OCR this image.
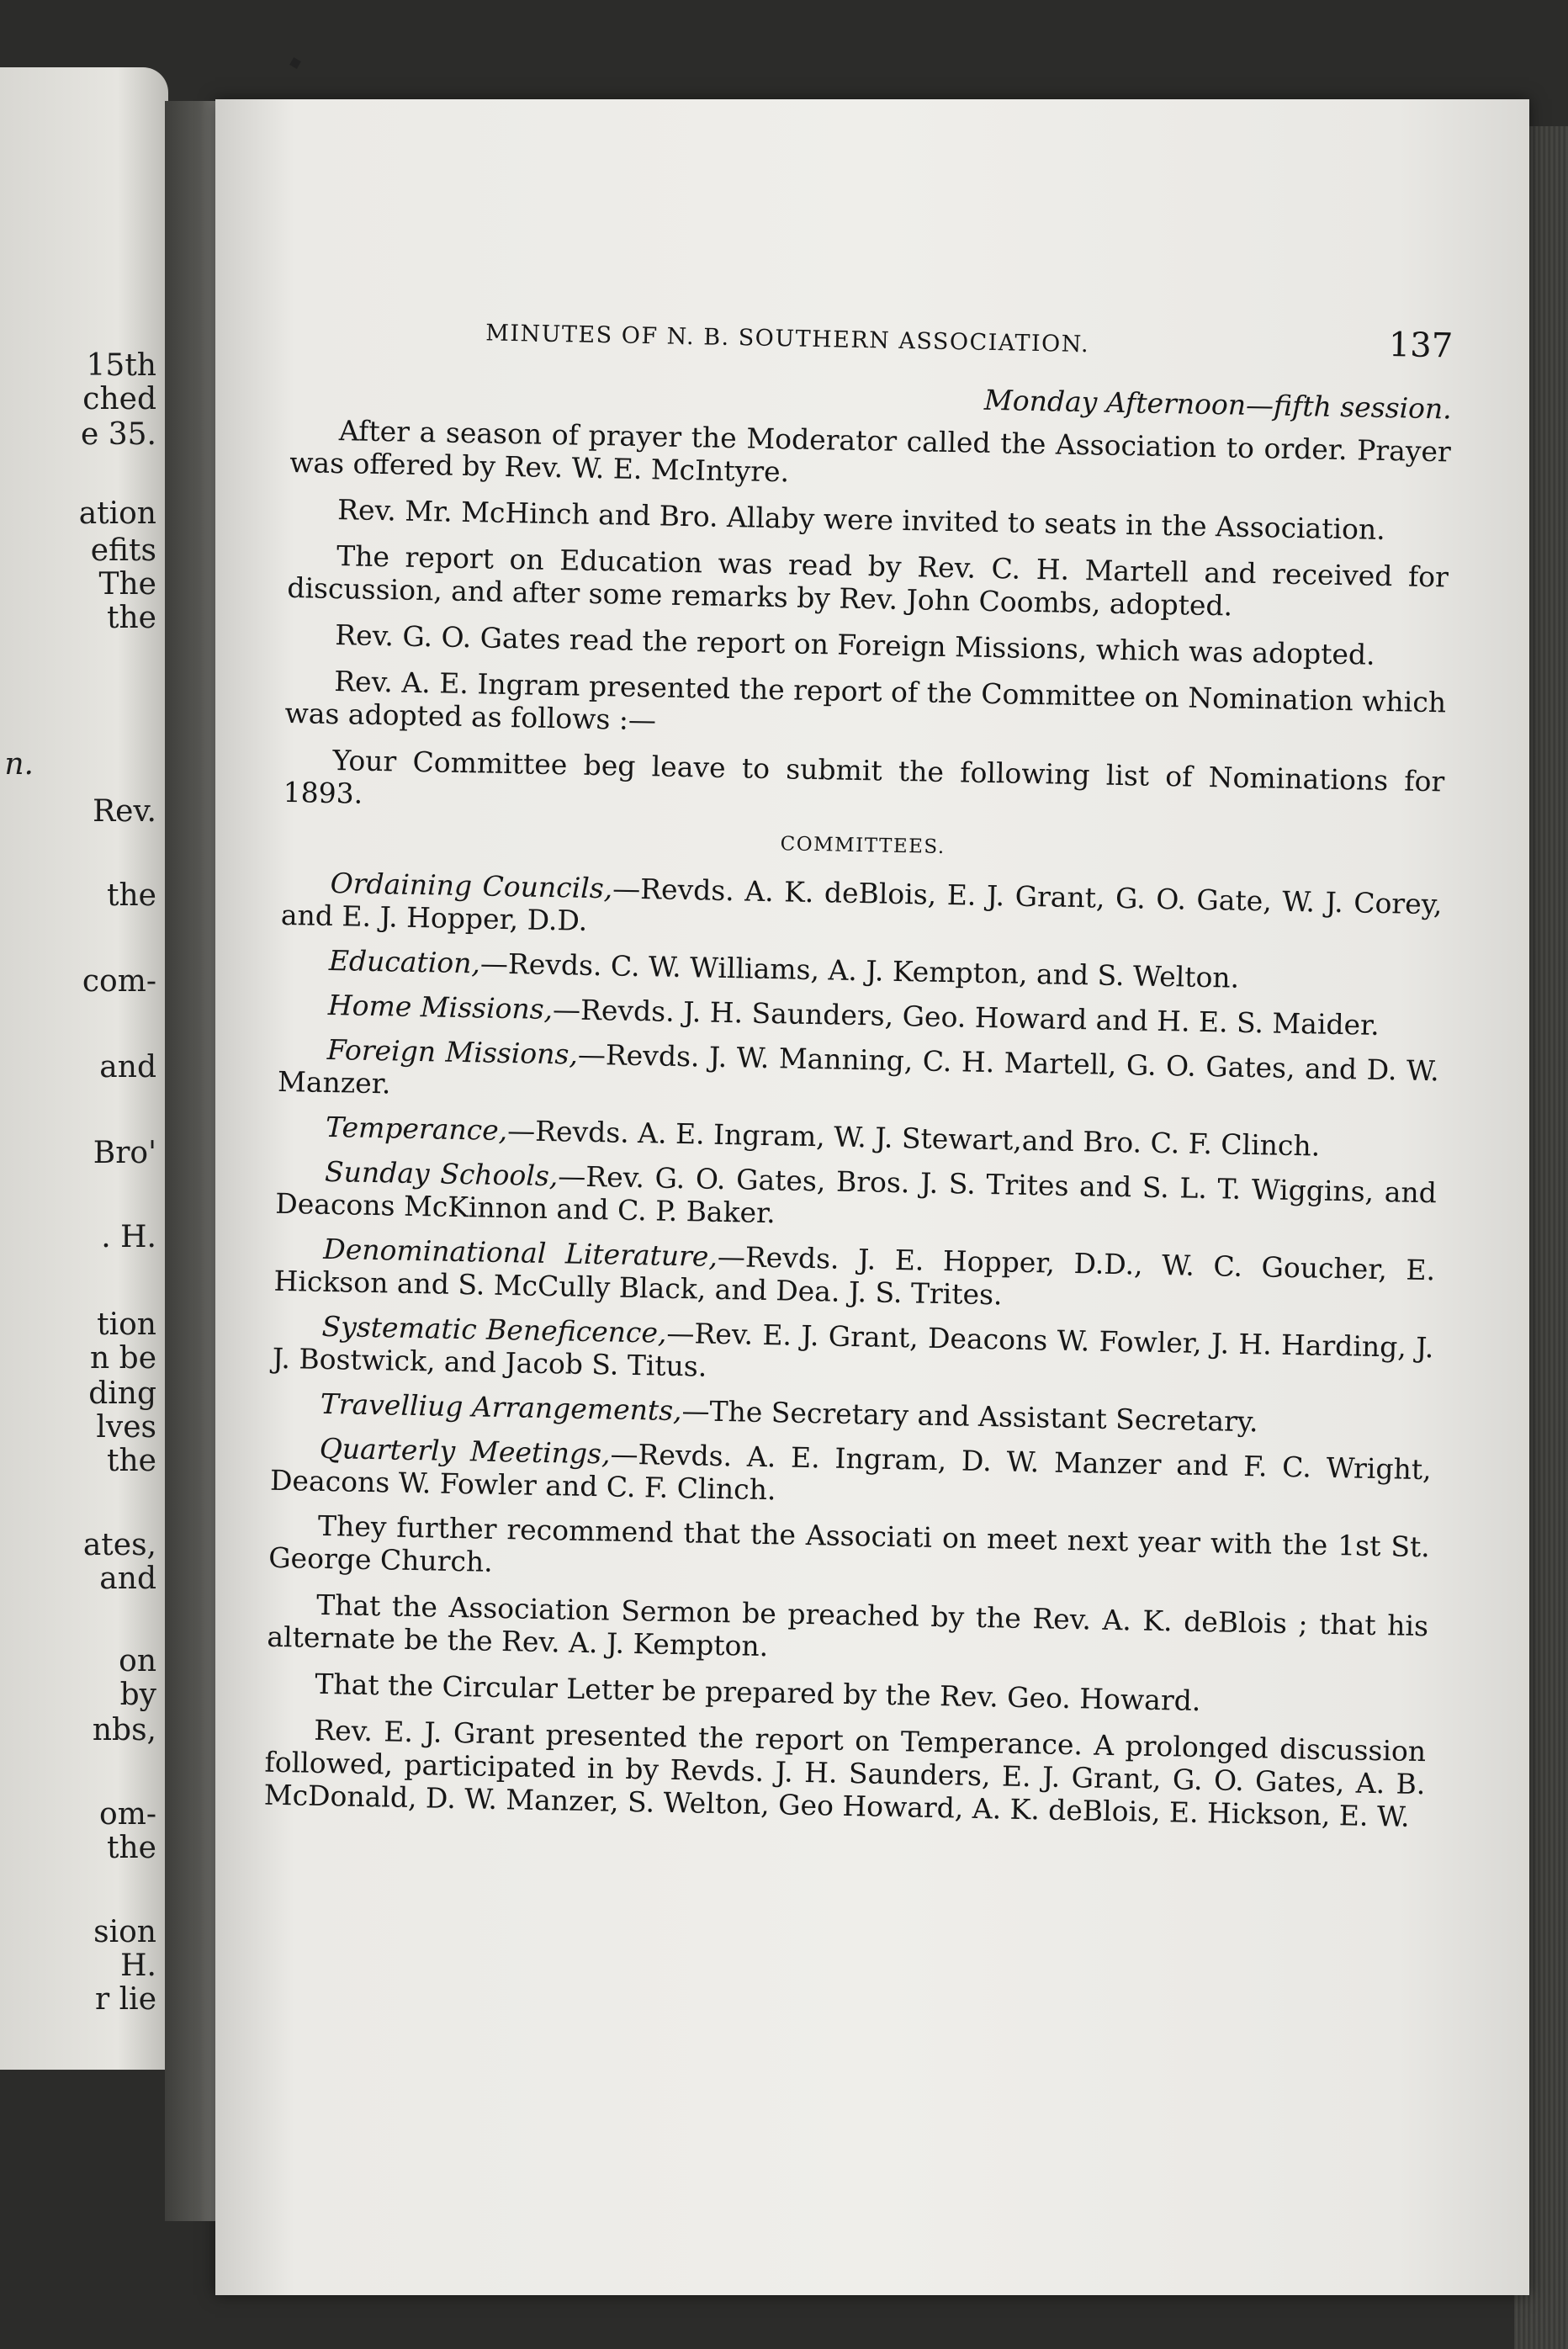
15th
ched
e 35.
ation
efits
The
the
n.
Rev.
the
com-
and
Bro'
. H.
tion
n be
ding
lves
the
ates,
and
on
by
nbs,
om-
the
sion
H.
r lie
MINUTES OF N. B. SOUTHERN ASSOCIATION.	137
Monday Afternoon—fifth session.

After a season of prayer the Moderator called the Association to order. Prayer was offered by Rev. W. E. McIntyre.

Rev. Mr. McHinch and Bro. Allaby were invited to seats in the Association.

The report on Education was read by Rev. C. H. Martell and received for discussion, and after some remarks by Rev. John Coombs, adopted.

Rev. G. O. Gates read the report on Foreign Missions, which was adopted.

Rev. A. E. Ingram presented the report of the Committee on Nomination which was adopted as follows :—

Your Committee beg leave to submit the following list of Nominations for 1893.

COMMITTEES.

Ordaining Councils,—Revds. A. K. deBlois, E. J. Grant, G. O. Gate, W. J. Corey, and E. J. Hopper, D.D.

Education,—Revds. C. W. Williams, A. J. Kempton, and S. Welton.

Home Missions,—Revds. J. H. Saunders, Geo. Howard and H. E. S. Maider.

Foreign Missions,—Revds. J. W. Manning, C. H. Martell, G. O. Gates, and D. W. Manzer.

Temperance,—Revds. A. E. Ingram, W. J. Stewart,and Bro. C. F. Clinch.

Sunday Schools,—Rev. G. O. Gates, Bros. J. S. Trites and S. L. T. Wiggins, and Deacons McKinnon and C. P. Baker.

Denominational Literature,—Revds. J. E. Hopper, D.D., W. C. Goucher, E. Hickson and S. McCully Black, and Dea. J. S. Trites.

Systematic Beneficence,—Rev. E. J. Grant, Deacons W. Fowler, J. H. Harding, J. J. Bostwick, and Jacob S. Titus.

Travelliug Arrangements,—The Secretary and Assistant Secretary.

Quarterly Meetings,—Revds. A. E. Ingram, D. W. Manzer and F. C. Wright, Deacons W. Fowler and C. F. Clinch.

They further recommend that the Associati on meet next year with the 1st St. George Church.

That the Association Sermon be preached by the Rev. A. K. deBlois ; that his alternate be the Rev. A. J. Kempton.

That the Circular Letter be prepared by the Rev. Geo. Howard.

Rev. E. J. Grant presented the report on Temperance. A prolonged discussion followed, participated in by Revds. J. H. Saunders, E. J. Grant, G. O. Gates, A. B. McDonald, D. W. Manzer, S. Welton, Geo Howard, A. K. deBlois, E. Hickson, E. W.
